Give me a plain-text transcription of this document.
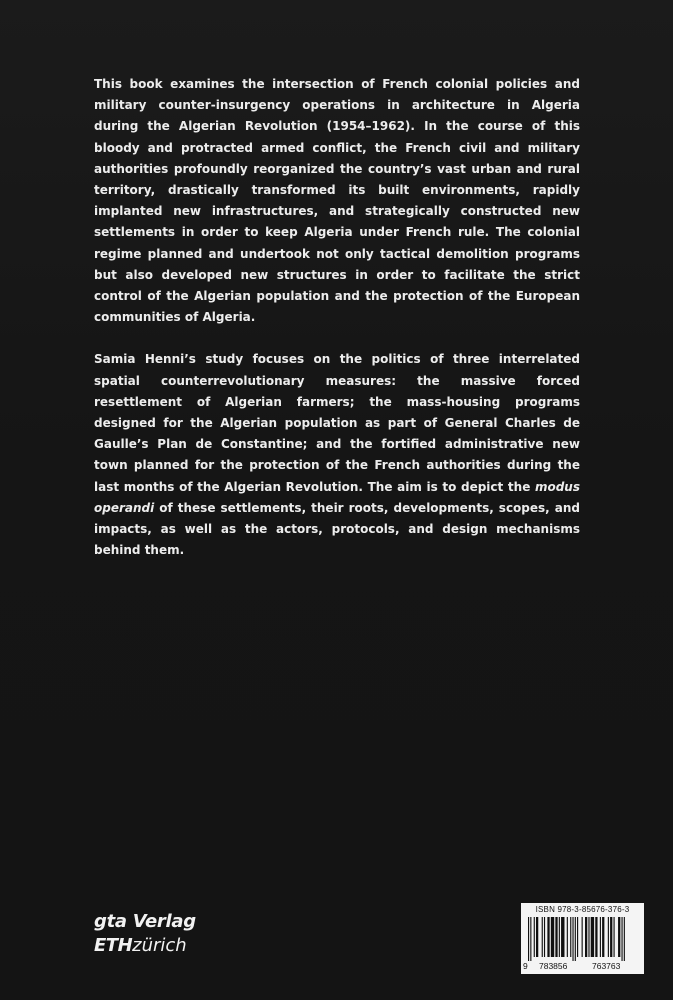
This book examines the intersection of French colonial policies and military counter-insurgency operations in architecture in Algeria during the Algerian Revolution (1954–1962). In the course of this bloody and protracted armed conflict, the French civil and military authorities profoundly reorganized the country’s vast urban and rural territory, drastically transformed its built environments, rapidly implanted new infrastructures, and strategically constructed new settlements in order to keep Algeria under French rule. The colonial regime planned and undertook not only tactical demolition programs but also developed new structures in order to facilitate the strict control of the Algerian population and the protection of the European communities of Algeria.

Samia Henni’s study focuses on the politics of three interrelated spatial counterrevolutionary measures: the massive forced resettlement of Algerian farmers; the mass-housing programs designed for the Algerian population as part of General Charles de Gaulle’s Plan de Constantine; and the fortified administrative new town planned for the protection of the French authorities during the last months of the Algerian Revolution. The aim is to depict the modus operandi of these settlements, their roots, developments, scopes, and impacts, as well as the actors, protocols, and design mechanisms behind them.

gta Verlag
ETHzürich
ISBN 978-3-85676-376-3
9 783856	763763
